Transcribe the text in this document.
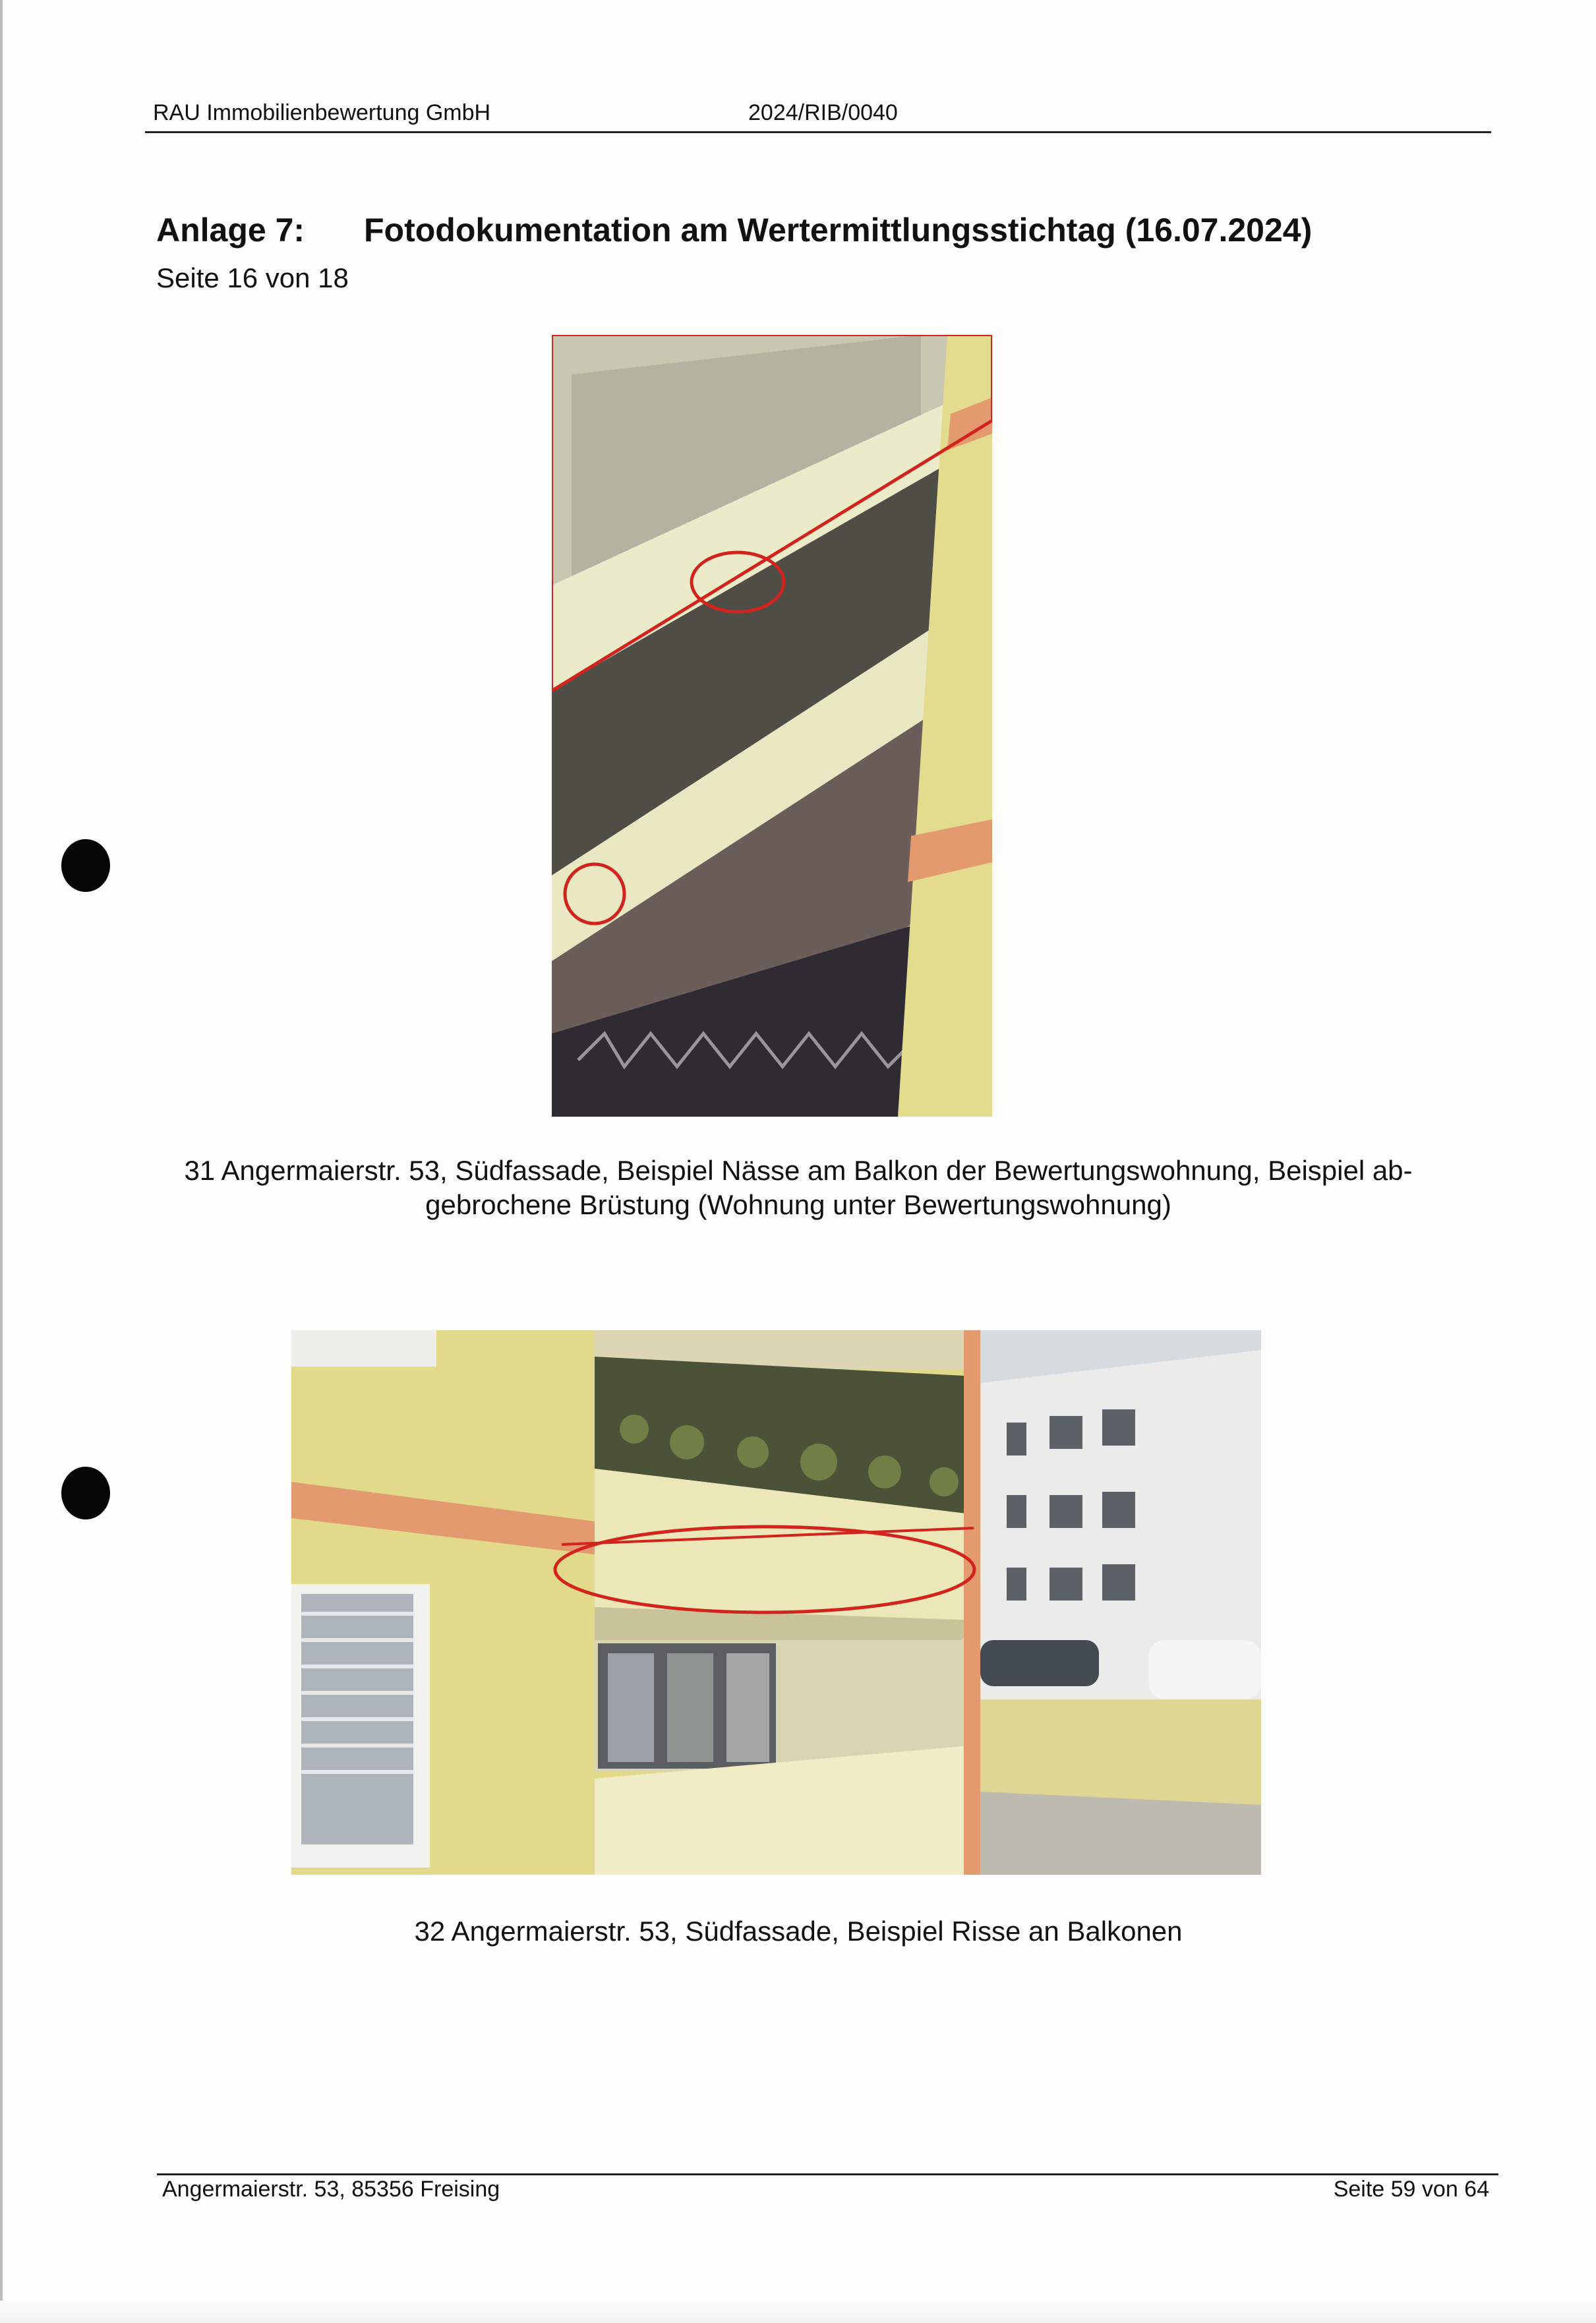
RAU Immobilienbewertung GmbH	2024/RIB/0040
Anlage 7: Fotodokumentation am Wertermittlungsstichtag (16.07.2024)
Seite 16 von 18
31 Angermaierstr. 53, Südfassade, Beispiel Nässe am Balkon der Bewertungswohnung, Beispiel ab-
gebrochene Brüstung (Wohnung unter Bewertungswohnung)
32 Angermaierstr. 53, Südfassade, Beispiel Risse an Balkonen
Angermaierstr. 53, 85356 Freising	Seite 59 von 64
